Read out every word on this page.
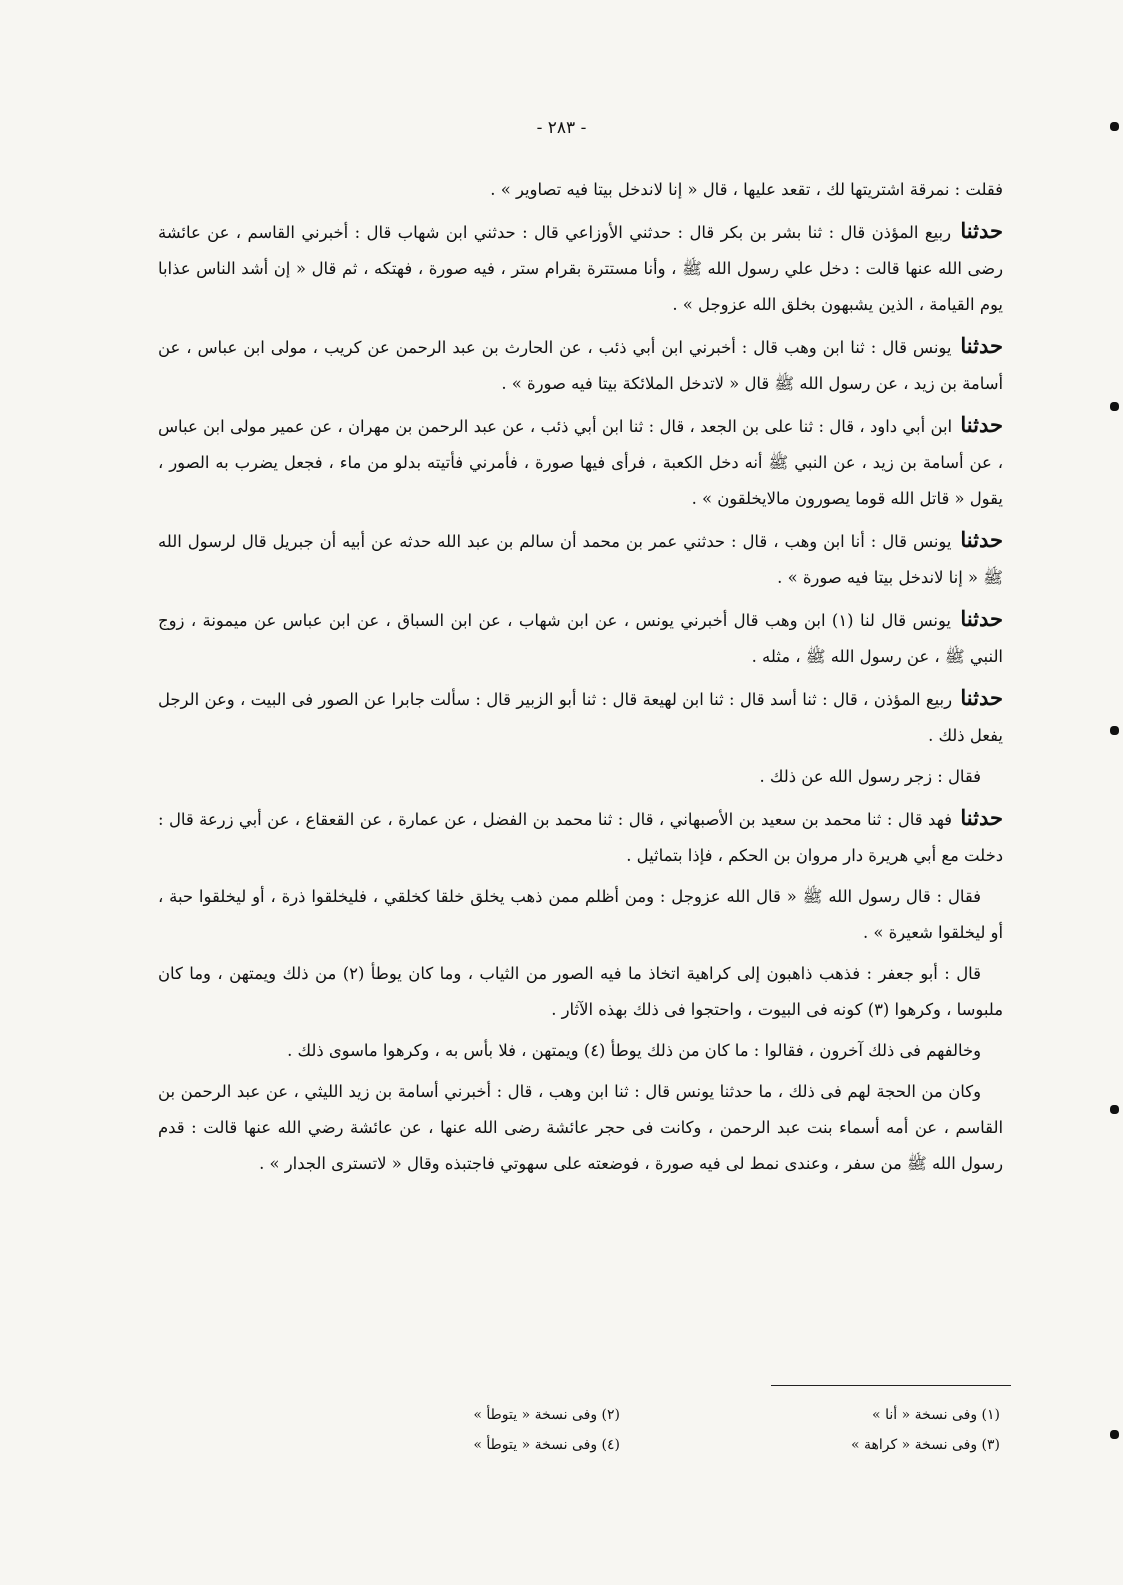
- ٢٨٣ -

فقلت : نمرقة اشتريتها لك ، تقعد عليها ، قال « إنا لاندخل بيتا فيه تصاوير » .

حدثنا ربيع المؤذن قال : ثنا بشر بن بكر قال : حدثني الأوزاعي قال : حدثني ابن شهاب قال : أخبرني القاسم ، عن عائشة رضى الله عنها قالت : دخل علي رسول الله ﷺ ، وأنا مستترة بقرام ستر ، فيه صورة ، فهتكه ، ثم قال « إن أشد الناس عذابا يوم القيامة ، الذين يشبهون بخلق الله عزوجل » .

حدثنا يونس قال : ثنا ابن وهب قال : أخبرني ابن أبي ذئب ، عن الحارث بن عبد الرحمن عن كريب ، مولى ابن عباس ، عن أسامة بن زيد ، عن رسول الله ﷺ قال « لاتدخل الملائكة بيتا فيه صورة » .

حدثنا ابن أبي داود ، قال : ثنا على بن الجعد ، قال : ثنا ابن أبي ذئب ، عن عبد الرحمن بن مهران ، عن عمير مولى ابن عباس ، عن أسامة بن زيد ، عن النبي ﷺ أنه دخل الكعبة ، فرأى فيها صورة ، فأمرني فأتيته بدلو من ماء ، فجعل يضرب به الصور ، يقول « قاتل الله قوما يصورون مالايخلقون » .

حدثنا يونس قال : أنا ابن وهب ، قال : حدثني عمر بن محمد أن سالم بن عبد الله حدثه عن أبيه أن جبريل قال لرسول الله ﷺ « إنا لاندخل بيتا فيه صورة » .

حدثنا يونس قال لنا (١) ابن وهب قال أخبرني يونس ، عن ابن شهاب ، عن ابن السباق ، عن ابن عباس عن ميمونة ، زوج النبي ﷺ ، عن رسول الله ﷺ ، مثله .

حدثنا ربيع المؤذن ، قال : ثنا أسد قال : ثنا ابن لهيعة قال : ثنا أبو الزبير قال : سألت جابرا عن الصور فى البيت ، وعن الرجل يفعل ذلك .

فقال : زجر رسول الله عن ذلك .

حدثنا فهد قال : ثنا محمد بن سعيد بن الأصبهاني ، قال : ثنا محمد بن الفضل ، عن عمارة ، عن القعقاع ، عن أبي زرعة قال : دخلت مع أبي هريرة دار مروان بن الحكم ، فإذا بتماثيل .

فقال : قال رسول الله ﷺ « قال الله عزوجل : ومن أظلم ممن ذهب يخلق خلقا كخلقي ، فليخلقوا ذرة ، أو ليخلقوا حبة ، أو ليخلقوا شعيرة » .

قال : أبو جعفر : فذهب ذاهبون إلى كراهية اتخاذ ما فيه الصور من الثياب ، وما كان يوطأ (٢) من ذلك ويمتهن ، وما كان ملبوسا ، وكرهوا (٣) كونه فى البيوت ، واحتجوا فى ذلك بهذه الآثار .

وخالفهم فى ذلك آخرون ، فقالوا : ما كان من ذلك يوطأ (٤) ويمتهن ، فلا بأس به ، وكرهوا ماسوى ذلك .

وكان من الحجة لهم فى ذلك ، ما حدثنا يونس قال : ثنا ابن وهب ، قال : أخبرني أسامة بن زيد الليثي ، عن عبد الرحمن بن القاسم ، عن أمه أسماء بنت عبد الرحمن ، وكانت فى حجر عائشة رضى الله عنها ، عن عائشة رضي الله عنها قالت : قدم رسول الله ﷺ من سفر ، وعندى نمط لى فيه صورة ، فوضعته على سهوتي فاجتبذه وقال « لاتسترى الجدار » .

(١) وفى نسخة « أنا »
(٢) وفى نسخة « يتوطأ »
(٣) وفى نسخة « كراهة »
(٤) وفى نسخة « يتوطأ »
